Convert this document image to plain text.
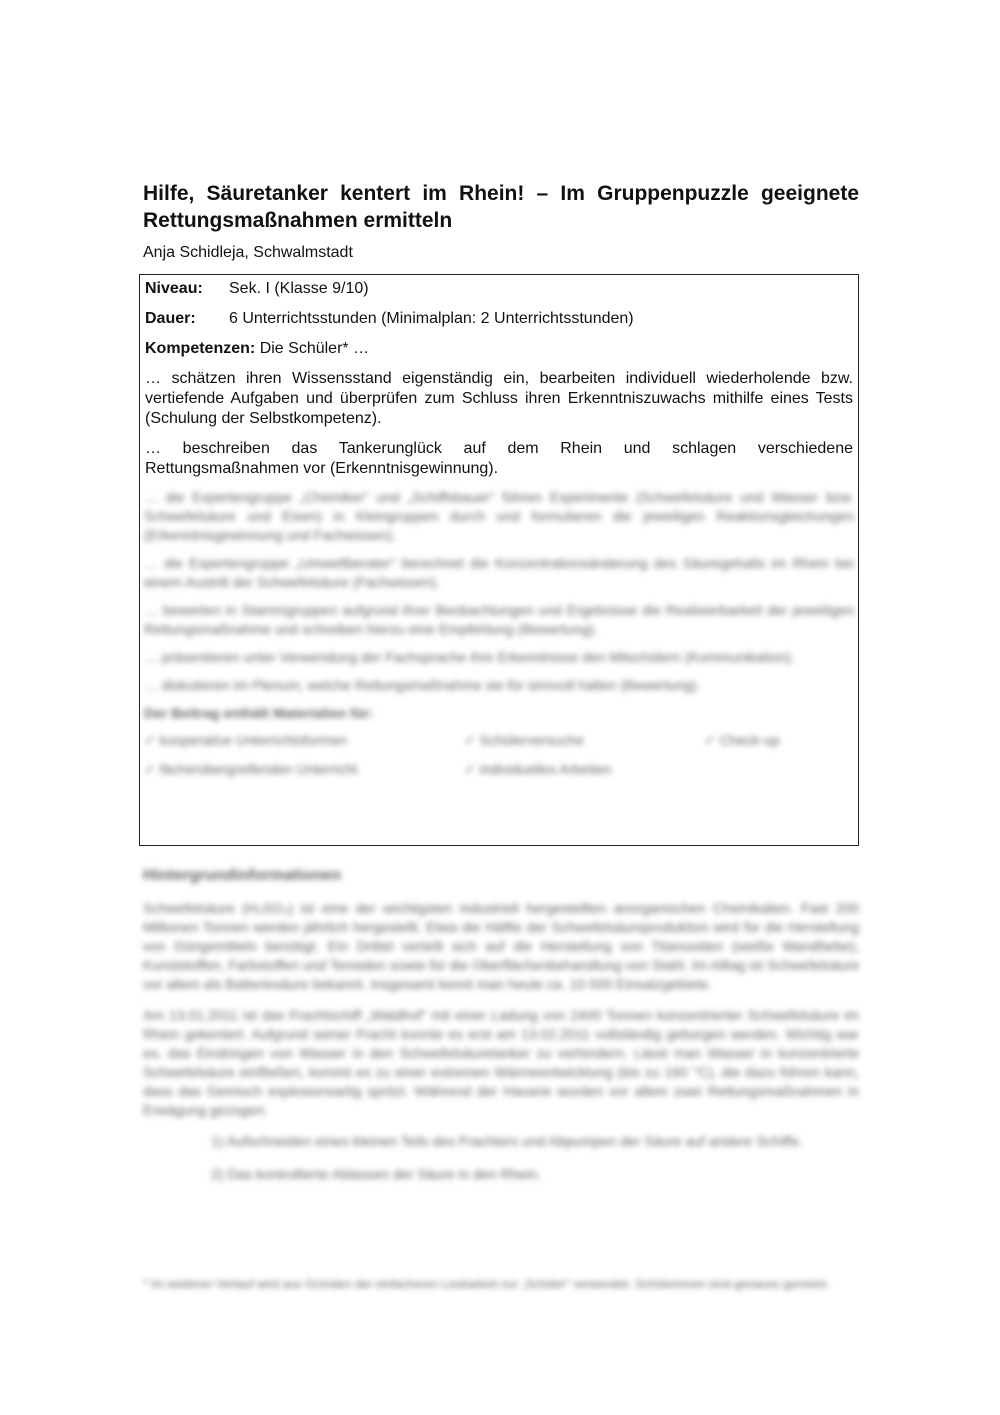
Hilfe, Säuretanker kentert im Rhein! – Im Gruppenpuzzle geeignete Rettungsmaßnahmen ermitteln

Anja Schidleja, Schwalmstadt

Niveau:	Sek. I (Klasse 9/10)
Dauer:	6 Unterrichtsstunden (Minimalplan: 2 Unterrichtsstunden)
Kompetenzen: Die Schüler* …

… schätzen ihren Wissensstand eigenständig ein, bearbeiten individuell wiederholende bzw. vertiefende Aufgaben und überprüfen zum Schluss ihren Erkenntniszuwachs mithilfe eines Tests (Schulung der Selbstkompetenz).

… beschreiben das Tankerunglück auf dem Rhein und schlagen verschiedene Rettungsmaßnahmen vor (Erkenntnisgewinnung).

… die Expertengruppe „Chemiker“ und „Schiffsbauer“ führen Experimente (Schwefelsäure und Wasser bzw. Schwefelsäure und Eisen) in Kleingruppen durch und formulieren die jeweiligen Reaktionsgleichungen (Erkenntnisgewinnung und Fachwissen).

… die Expertengruppe „Umweltberater“ berechnet die Konzentrationsänderung des Säuregehalts im Rhein bei einem Austritt der Schwefelsäure (Fachwissen).

… bewerten in Stammgruppen aufgrund ihrer Beobachtungen und Ergebnisse die Realisierbarkeit der jeweiligen Rettungsmaßnahme und schreiben hierzu eine Empfehlung (Bewertung).

… präsentieren unter Verwendung der Fachsprache ihre Erkenntnisse den Mitschülern (Kommunikation).

… diskutieren im Plenum, welche Rettungsmaßnahme sie für sinnvoll halten (Bewertung).

Der Beitrag enthält Materialien für:
✓ kooperative Unterrichtsformen	✓ Schülerversuche	✓ Check-up
✓ fächerübergreifenden Unterricht	✓ individuelles Arbeiten
Hintergrundinformationen

Schwefelsäure (H₂SO₄) ist eine der wichtigsten industriell hergestellten anorganischen Chemikalien. Fast 200 Millionen Tonnen werden jährlich hergestellt. Etwa die Hälfte der Schwefelsäureproduktion wird für die Herstellung von Düngemitteln benötigt. Ein Drittel verteilt sich auf die Herstellung von Titanoxiden (weiße Wandfarbe), Kunststoffen, Farbstoffen und Tensiden sowie für die Oberflächenbehandlung von Stahl. Im Alltag ist Schwefelsäure vor allem als Batteriesäure bekannt. Insgesamt kennt man heute ca. 10 000 Einsatzgebiete.

Am 13.01.2011 ist das Frachtschiff „Waldhof“ mit einer Ladung von 2400 Tonnen konzentrierter Schwefelsäure im Rhein gekentert. Aufgrund seiner Fracht konnte es erst am 13.02.2011 vollständig geborgen werden. Wichtig war es, das Eindringen von Wasser in den Schwefelsäuretanker zu verhindern. Lässt man Wasser in konzentrierte Schwefelsäure einfließen, kommt es zu einer extremen Wärmeentwicklung (bis zu 160 °C), die dazu führen kann, dass das Gemisch explosionsartig spritzt. Während der Havarie wurden vor allem zwei Rettungsmaßnahmen in Erwägung gezogen:

1) Aufschneiden eines kleinen Teils des Frachters und Abpumpen der Säure auf andere Schiffe.
2) Das kontrollierte Ablassen der Säure in den Rhein.
* Im weiteren Verlauf wird aus Gründen der einfacheren Lesbarkeit nur „Schüler“ verwendet. Schülerinnen sind genauso gemeint.
